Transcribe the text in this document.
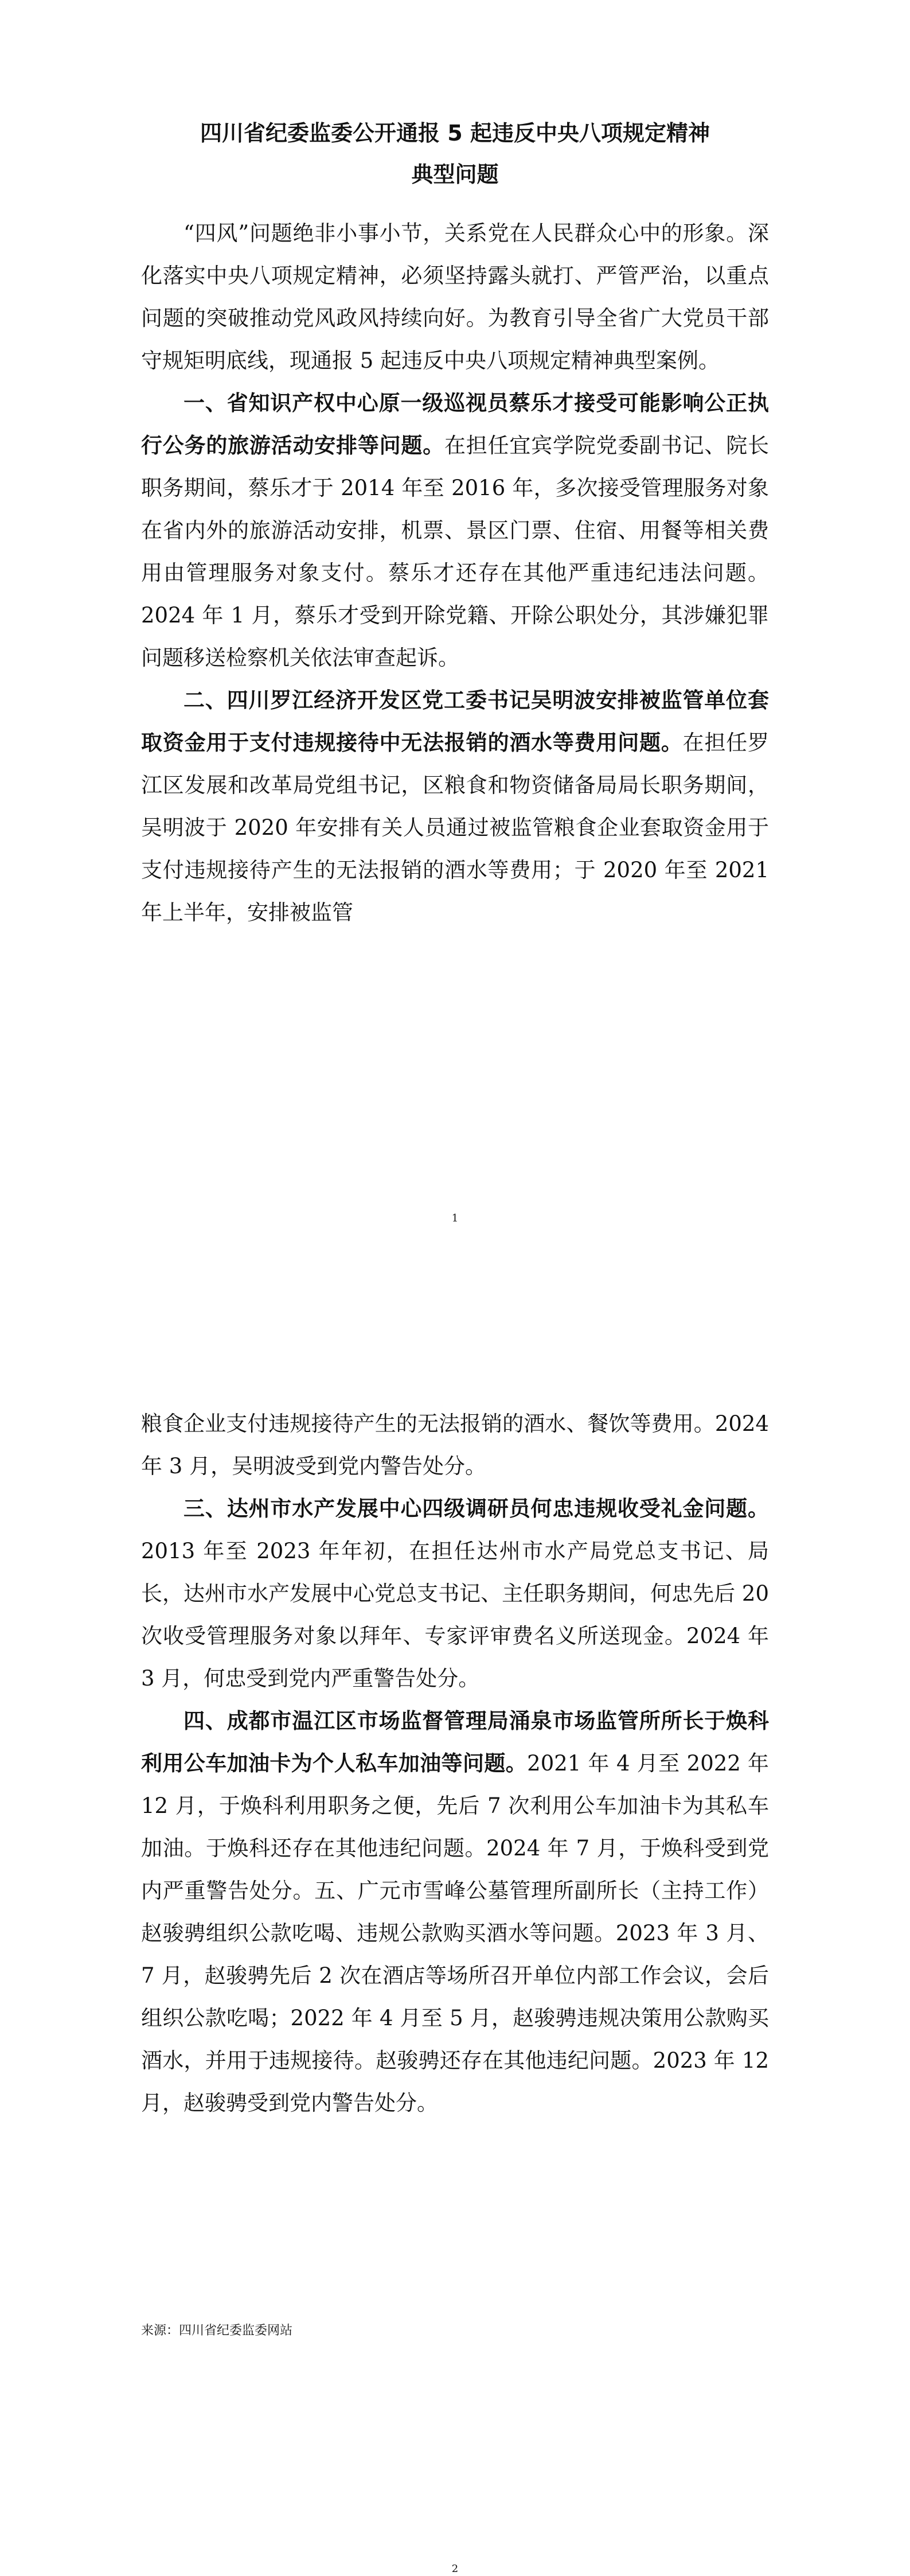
四川省纪委监委公开通报 5 起违反中央八项规定精神
典型问题

“四风”问题绝非小事小节，关系党在人民群众心中的形象。深化落实中央八项规定精神，必须坚持露头就打、严管严治，以重点问题的突破推动党风政风持续向好。为教育引导全省广大党员干部守规矩明底线，现通报 5 起违反中央八项规定精神典型案例。

一、省知识产权中心原一级巡视员蔡乐才接受可能影响公正执行公务的旅游活动安排等问题。在担任宜宾学院党委副书记、院长职务期间，蔡乐才于 2014 年至 2016 年，多次接受管理服务对象在省内外的旅游活动安排，机票、景区门票、住宿、用餐等相关费用由管理服务对象支付。蔡乐才还存在其他严重违纪违法问题。2024 年 1 月，蔡乐才受到开除党籍、开除公职处分，其涉嫌犯罪问题移送检察机关依法审查起诉。

二、四川罗江经济开发区党工委书记吴明波安排被监管单位套取资金用于支付违规接待中无法报销的酒水等费用问题。在担任罗江区发展和改革局党组书记，区粮食和物资储备局局长职务期间，吴明波于 2020 年安排有关人员通过被监管粮食企业套取资金用于支付违规接待产生的无法报销的酒水等费用；于 2020 年至 2021 年上半年，安排被监管

1

粮食企业支付违规接待产生的无法报销的酒水、餐饮等费用。2024 年 3 月，吴明波受到党内警告处分。

三、达州市水产发展中心四级调研员何忠违规收受礼金问题。2013 年至 2023 年年初，在担任达州市水产局党总支书记、局长，达州市水产发展中心党总支书记、主任职务期间，何忠先后 20 次收受管理服务对象以拜年、专家评审费名义所送现金。2024 年 3 月，何忠受到党内严重警告处分。

四、成都市温江区市场监督管理局涌泉市场监管所所长于焕科利用公车加油卡为个人私车加油等问题。2021 年 4 月至 2022 年 12 月，于焕科利用职务之便，先后 7 次利用公车加油卡为其私车加油。于焕科还存在其他违纪问题。2024 年 7 月，于焕科受到党内严重警告处分。五、广元市雪峰公墓管理所副所长（主持工作）赵骏骋组织公款吃喝、违规公款购买酒水等问题。2023 年 3 月、7 月，赵骏骋先后 2 次在酒店等场所召开单位内部工作会议，会后组织公款吃喝；2022 年 4 月至 5 月，赵骏骋违规决策用公款购买酒水，并用于违规接待。赵骏骋还存在其他违纪问题。2023 年 12 月，赵骏骋受到党内警告处分。

来源：四川省纪委监委网站

2
